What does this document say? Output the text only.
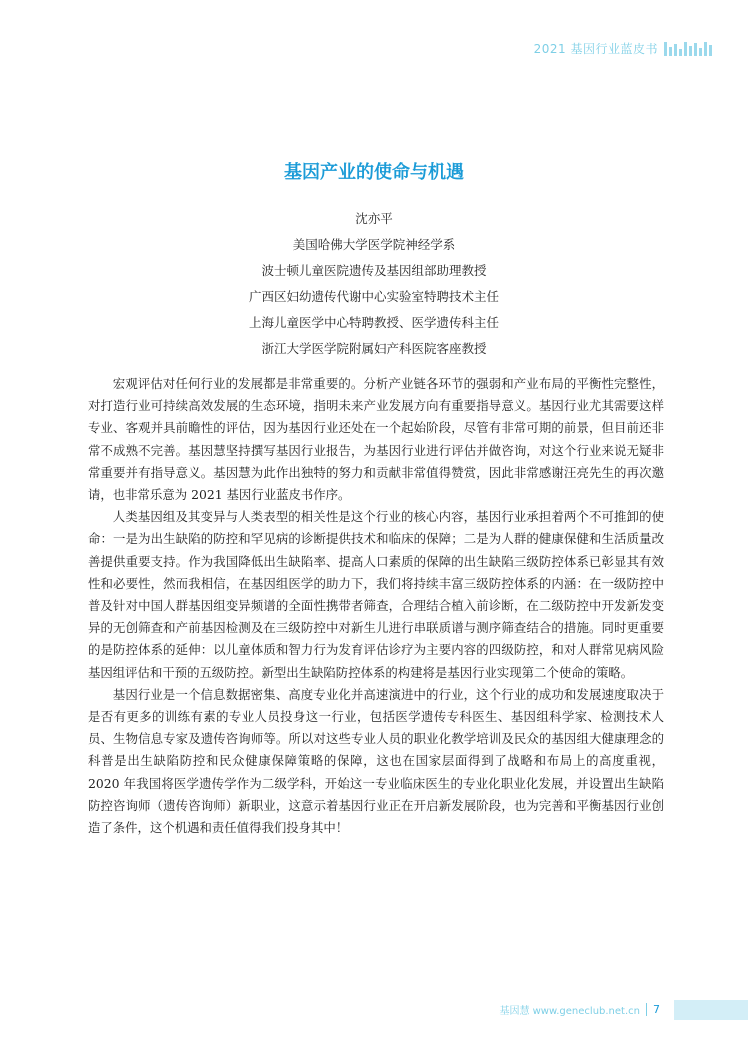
2021 基因行业蓝皮书
基因产业的使命与机遇
沈亦平
美国哈佛大学医学院神经学系
波士顿儿童医院遗传及基因组部助理教授
广西区妇幼遗传代谢中心实验室特聘技术主任
上海儿童医学中心特聘教授、医学遗传科主任
浙江大学医学院附属妇产科医院客座教授

宏观评估对任何行业的发展都是非常重要的。分析产业链各环节的强弱和产业布局的平衡性完整性，对打造行业可持续高效发展的生态环境，指明未来产业发展方向有重要指导意义。基因行业尤其需要这样专业、客观并具前瞻性的评估，因为基因行业还处在一个起始阶段，尽管有非常可期的前景，但目前还非常不成熟不完善。基因慧坚持撰写基因行业报告，为基因行业进行评估并做咨询，对这个行业来说无疑非常重要并有指导意义。基因慧为此作出独特的努力和贡献非常值得赞赏，因此非常感谢汪亮先生的再次邀请，也非常乐意为 2021 基因行业蓝皮书作序。

人类基因组及其变异与人类表型的相关性是这个行业的核心内容，基因行业承担着两个不可推卸的使命：一是为出生缺陷的防控和罕见病的诊断提供技术和临床的保障；二是为人群的健康保健和生活质量改善提供重要支持。作为我国降低出生缺陷率、提高人口素质的保障的出生缺陷三级防控体系已彰显其有效性和必要性，然而我相信，在基因组医学的助力下，我们将持续丰富三级防控体系的内涵：在一级防控中普及针对中国人群基因组变异频谱的全面性携带者筛查，合理结合植入前诊断，在二级防控中开发新发变异的无创筛查和产前基因检测及在三级防控中对新生儿进行串联质谱与测序筛查结合的措施。同时更重要的是防控体系的延伸：以儿童体质和智力行为发育评估诊疗为主要内容的四级防控，和对人群常见病风险基因组评估和干预的五级防控。新型出生缺陷防控体系的构建将是基因行业实现第二个使命的策略。

基因行业是一个信息数据密集、高度专业化并高速演进中的行业，这个行业的成功和发展速度取决于是否有更多的训练有素的专业人员投身这一行业，包括医学遗传专科医生、基因组科学家、检测技术人员、生物信息专家及遗传咨询师等。所以对这些专业人员的职业化教学培训及民众的基因组大健康理念的科普是出生缺陷防控和民众健康保障策略的保障，这也在国家层面得到了战略和布局上的高度重视，2020 年我国将医学遗传学作为二级学科，开始这一专业临床医生的专业化职业化发展，并设置出生缺陷防控咨询师（遗传咨询师）新职业，这意示着基因行业正在开启新发展阶段，也为完善和平衡基因行业创造了条件，这个机遇和责任值得我们投身其中！

基因慧 www.geneclub.net.cn	7
